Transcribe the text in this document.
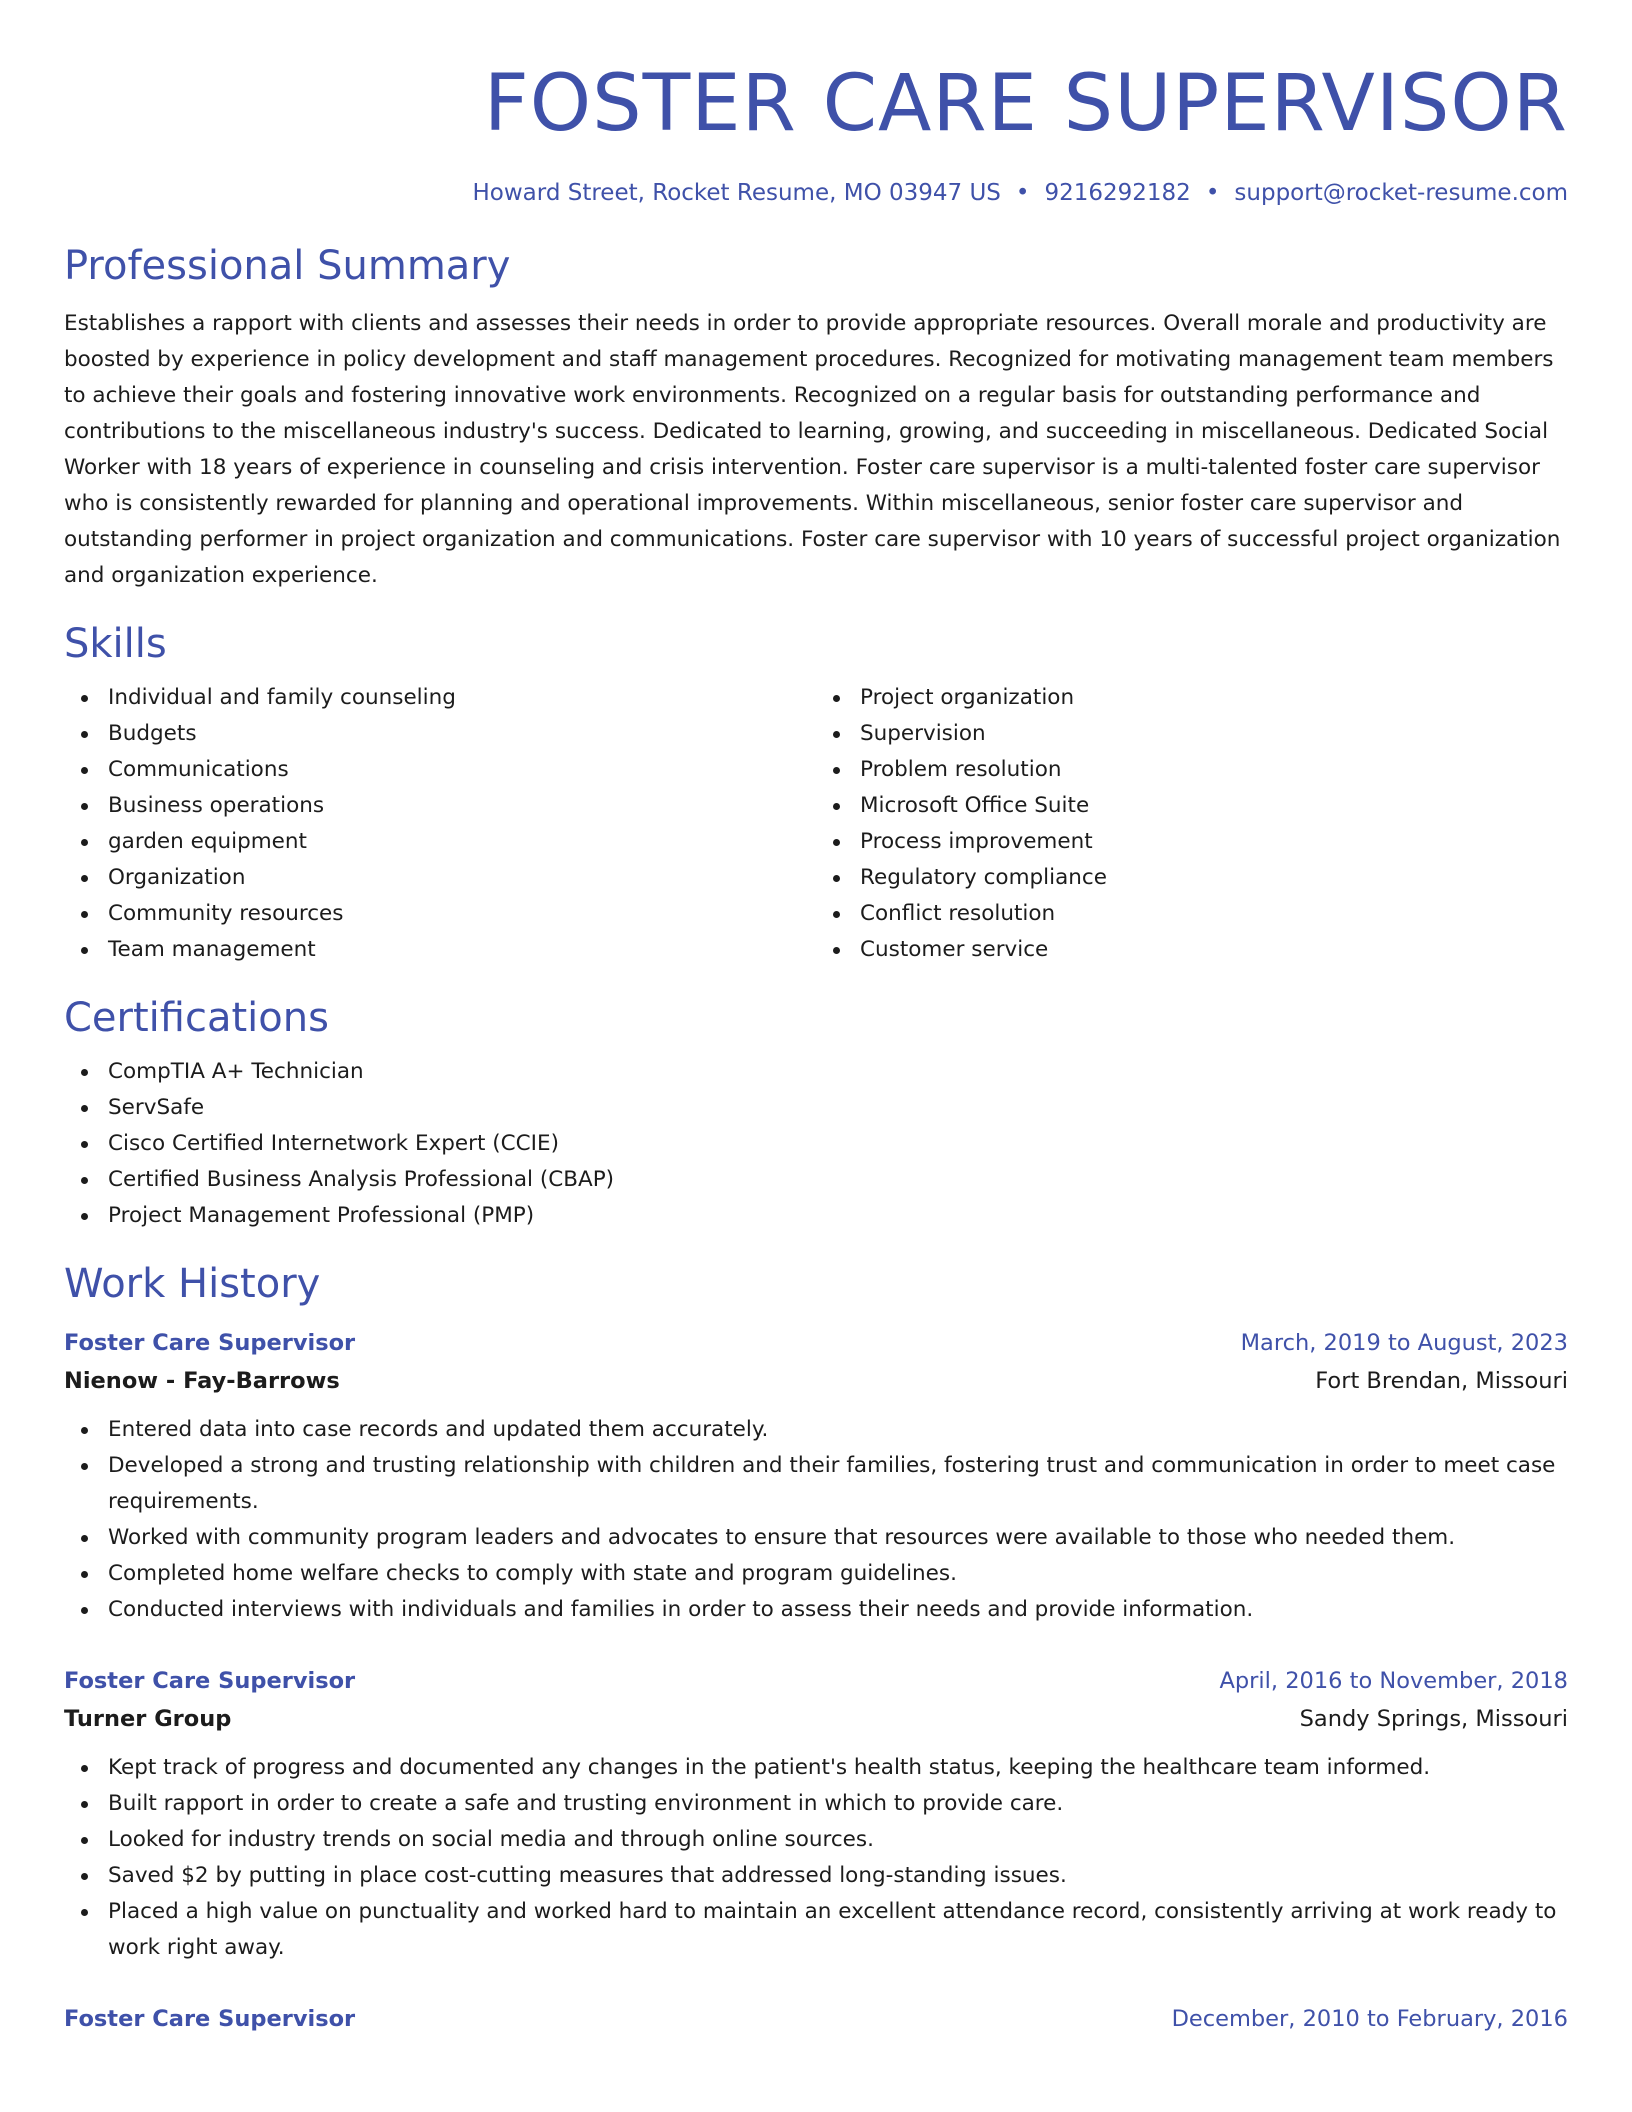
FOSTER CARE SUPERVISOR
Howard Street, Rocket Resume, MO 03947 US • 9216292182 • support@rocket-resume.com
Professional Summary

Establishes a rapport with clients and assesses their needs in order to provide appropriate resources. Overall morale and productivity are boosted by experience in policy development and staff management procedures. Recognized for motivating management team members to achieve their goals and fostering innovative work environments. Recognized on a regular basis for outstanding performance and contributions to the miscellaneous industry's success. Dedicated to learning, growing, and succeeding in miscellaneous. Dedicated Social Worker with 18 years of experience in counseling and crisis intervention. Foster care supervisor is a multi-talented foster care supervisor who is consistently rewarded for planning and operational improvements. Within miscellaneous, senior foster care supervisor and outstanding performer in project organization and communications. Foster care supervisor with 10 years of successful project organization and organization experience.

Skills
Individual and family counseling
Budgets
Communications
Business operations
garden equipment
Organization
Community resources
Team management
Project organization
Supervision
Problem resolution
Microsoft Office Suite
Process improvement
Regulatory compliance
Conflict resolution
Customer service
Certifications
CompTIA A+ Technician
ServSafe
Cisco Certified Internetwork Expert (CCIE)
Certified Business Analysis Professional (CBAP)
Project Management Professional (PMP)
Work History
Foster Care Supervisor	March, 2019 to August, 2023
Nienow - Fay-Barrows	Fort Brendan, Missouri
Entered data into case records and updated them accurately.
Developed a strong and trusting relationship with children and their families, fostering trust and communication in order to meet case requirements.
Worked with community program leaders and advocates to ensure that resources were available to those who needed them.
Completed home welfare checks to comply with state and program guidelines.
Conducted interviews with individuals and families in order to assess their needs and provide information.
Foster Care Supervisor	April, 2016 to November, 2018
Turner Group	Sandy Springs, Missouri
Kept track of progress and documented any changes in the patient's health status, keeping the healthcare team informed.
Built rapport in order to create a safe and trusting environment in which to provide care.
Looked for industry trends on social media and through online sources.
Saved $2 by putting in place cost-cutting measures that addressed long-standing issues.
Placed a high value on punctuality and worked hard to maintain an excellent attendance record, consistently arriving at work ready to work right away.
Foster Care Supervisor	December, 2010 to February, 2016
